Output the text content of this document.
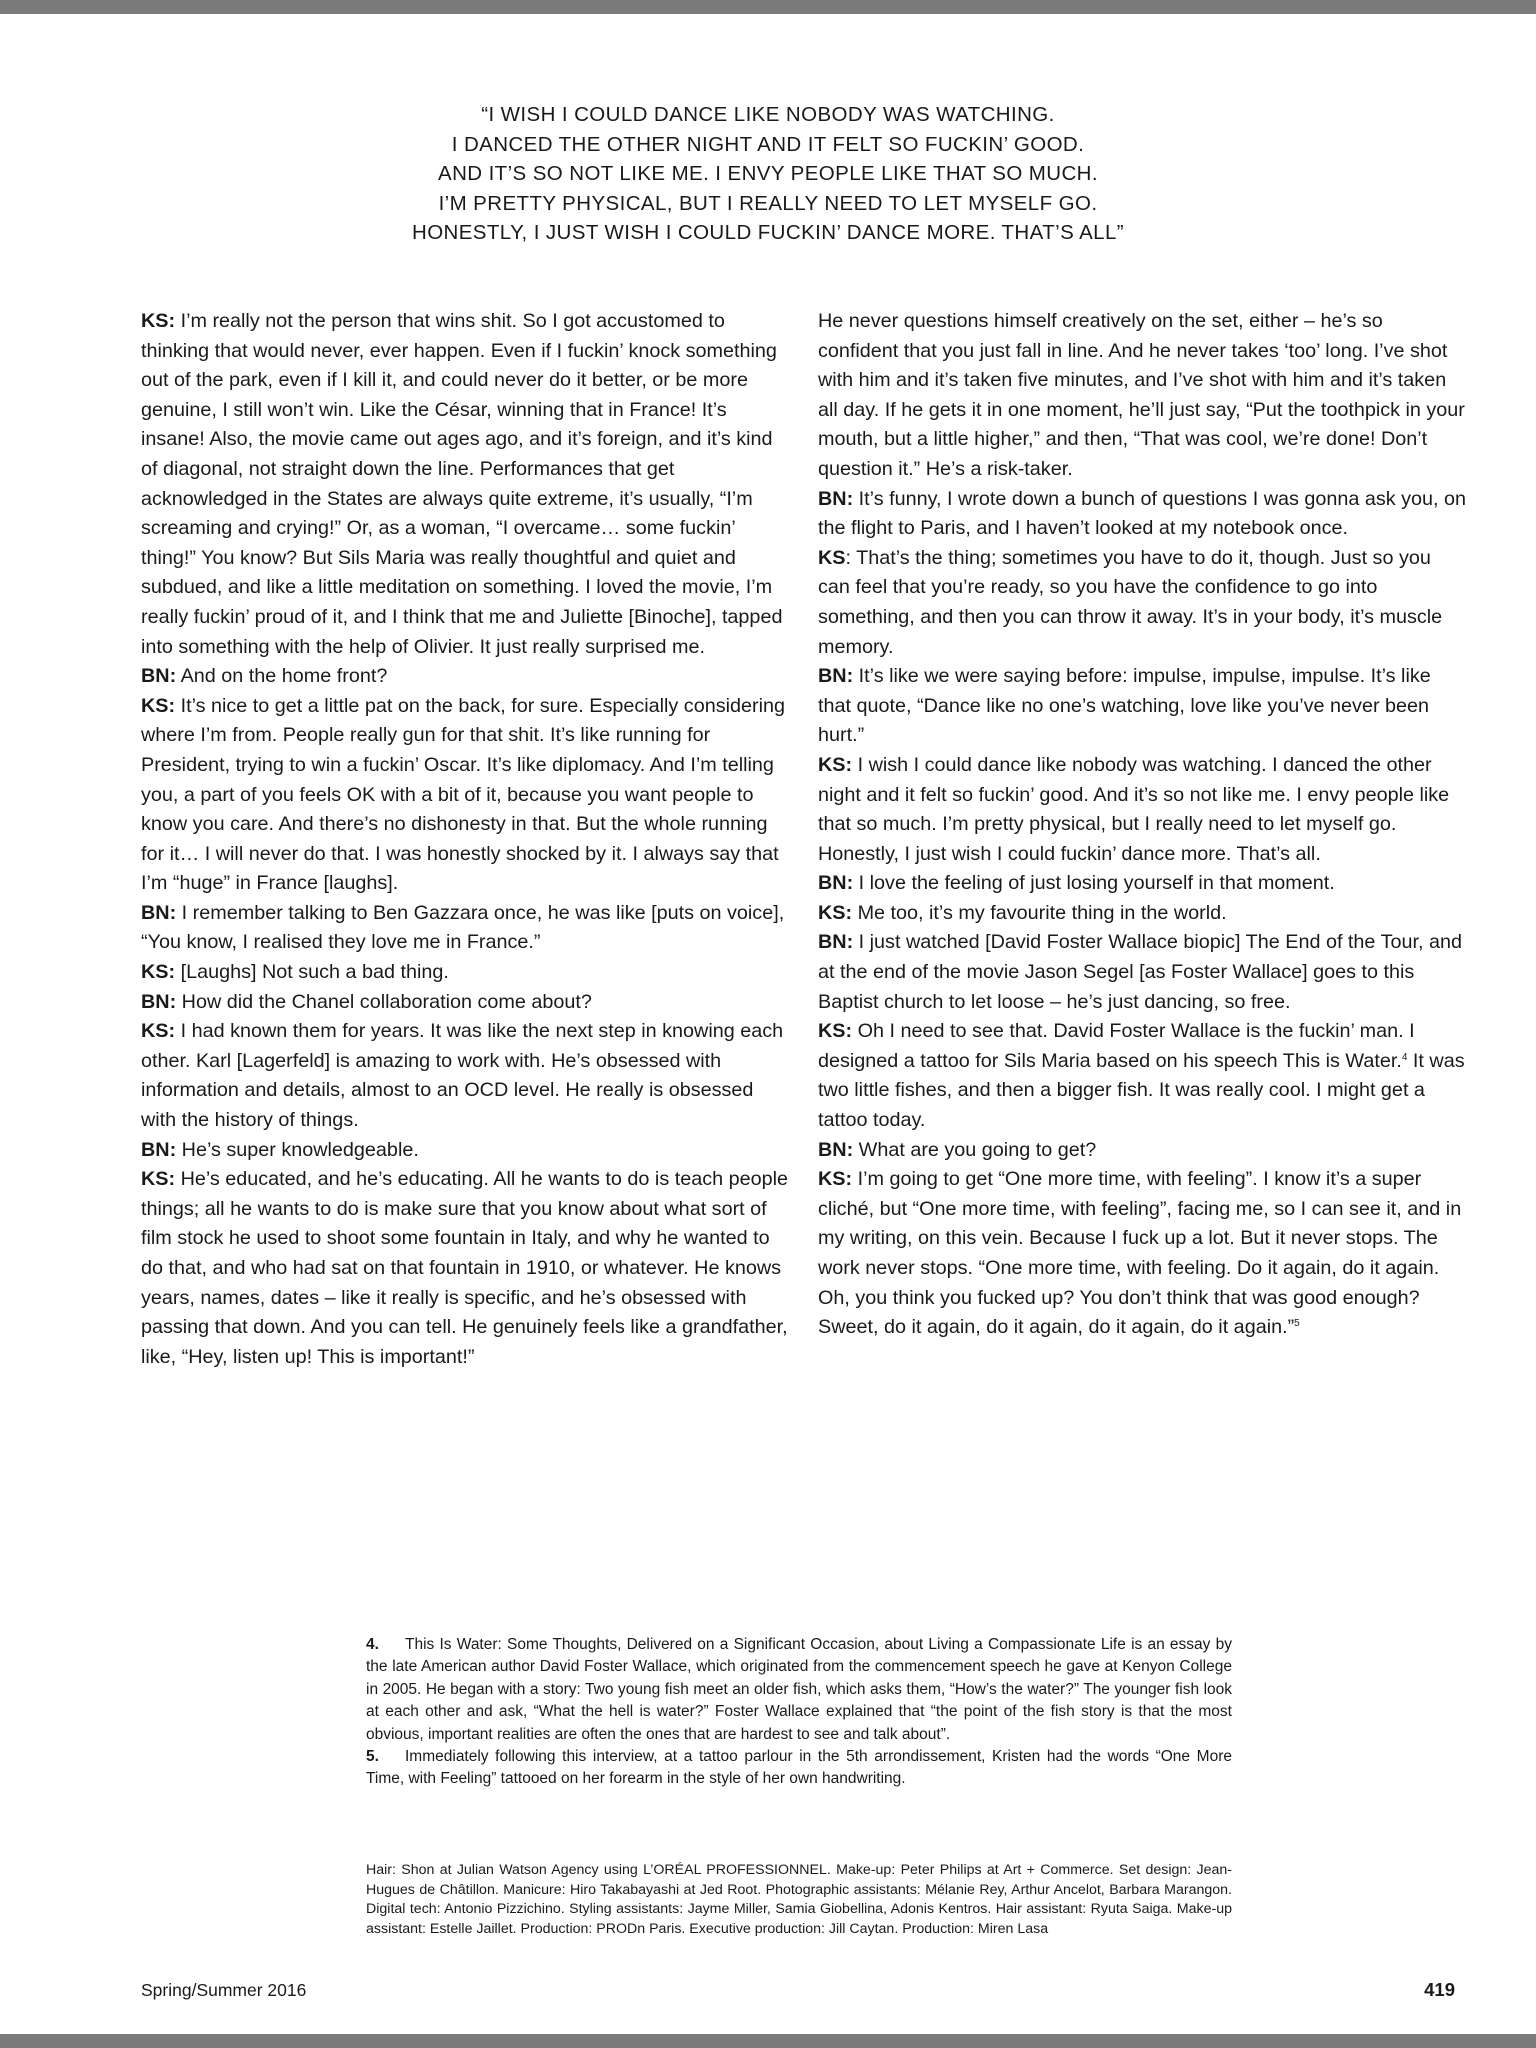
“I WISH I COULD DANCE LIKE NOBODY WAS WATCHING.
I DANCED THE OTHER NIGHT AND IT FELT SO FUCKIN’ GOOD.
AND IT’S SO NOT LIKE ME. I ENVY PEOPLE LIKE THAT SO MUCH.
I’M PRETTY PHYSICAL, BUT I REALLY NEED TO LET MYSELF GO.
HONESTLY, I JUST WISH I COULD FUCKIN’ DANCE MORE. THAT’S ALL”

KS: I’m really not the person that wins shit. So I got accustomed to thinking that would never, ever happen. Even if I fuckin’ knock something out of the park, even if I kill it, and could never do it better, or be more genuine, I still won’t win. Like the César, winning that in France! It’s insane! Also, the movie came out ages ago, and it’s foreign, and it’s kind of diagonal, not straight down the line. Performances that get acknowledged in the States are always quite extreme, it’s usually, “I’m screaming and crying!” Or, as a woman, “I overcame… some fuckin’ thing!” You know? But Sils Maria was really thoughtful and quiet and subdued, and like a little meditation on something. I loved the movie, I’m really fuckin’ proud of it, and I think that me and Juliette [Binoche], tapped into something with the help of Olivier. It just really surprised me.

BN: And on the home front?

KS: It’s nice to get a little pat on the back, for sure. Especially considering where I’m from. People really gun for that shit. It’s like running for President, trying to win a fuckin’ Oscar. It’s like diplomacy. And I’m telling you, a part of you feels OK with a bit of it, because you want people to know you care. And there’s no dishonesty in that. But the whole running for it… I will never do that. I was honestly shocked by it. I always say that I’m “huge” in France [laughs].

BN: I remember talking to Ben Gazzara once, he was like [puts on voice], “You know, I realised they love me in France.”

KS: [Laughs] Not such a bad thing.

BN: How did the Chanel collaboration come about?

KS: I had known them for years. It was like the next step in knowing each other. Karl [Lagerfeld] is amazing to work with. He’s obsessed with information and details, almost to an OCD level. He really is obsessed with the history of things.

BN: He’s super knowledgeable.

KS: He’s educated, and he’s educating. All he wants to do is teach people things; all he wants to do is make sure that you know about what sort of film stock he used to shoot some fountain in Italy, and why he wanted to do that, and who had sat on that fountain in 1910, or whatever. He knows years, names, dates – like it really is specific, and he’s obsessed with passing that down. And you can tell. He genuinely feels like a grandfather, like, “Hey, listen up! This is important!”

He never questions himself creatively on the set, either – he’s so confident that you just fall in line. And he never takes ‘too’ long. I’ve shot with him and it’s taken five minutes, and I’ve shot with him and it’s taken all day. If he gets it in one moment, he’ll just say, “Put the toothpick in your mouth, but a little higher,” and then, “That was cool, we’re done! Don’t question it.” He’s a risk-taker.

BN: It’s funny, I wrote down a bunch of questions I was gonna ask you, on the flight to Paris, and I haven’t looked at my notebook once.

KS: That’s the thing; sometimes you have to do it, though. Just so you can feel that you’re ready, so you have the confidence to go into something, and then you can throw it away. It’s in your body, it’s muscle memory.

BN: It’s like we were saying before: impulse, impulse, impulse. It’s like that quote, “Dance like no one’s watching, love like you’ve never been hurt.”

KS: I wish I could dance like nobody was watching. I danced the other night and it felt so fuckin’ good. And it’s so not like me. I envy people like that so much. I’m pretty physical, but I really need to let myself go. Honestly, I just wish I could fuckin’ dance more. That’s all.

BN: I love the feeling of just losing yourself in that moment.

KS: Me too, it’s my favourite thing in the world.

BN: I just watched [David Foster Wallace biopic] The End of the Tour, and at the end of the movie Jason Segel [as Foster Wallace] goes to this Baptist church to let loose – he’s just dancing, so free.

KS: Oh I need to see that. David Foster Wallace is the fuckin’ man. I designed a tattoo for Sils Maria based on his speech This is Water.$^4$ It was two little fishes, and then a bigger fish. It was really cool. I might get a tattoo today.

BN: What are you going to get?

KS: I’m going to get “One more time, with feeling”. I know it’s a super cliché, but “One more time, with feeling”, facing me, so I can see it, and in my writing, on this vein. Because I fuck up a lot. But it never stops. The work never stops. “One more time, with feeling. Do it again, do it again. Oh, you think you fucked up? You don’t think that was good enough? Sweet, do it again, do it again, do it again, do it again.”$^5$

4. This Is Water: Some Thoughts, Delivered on a Significant Occasion, about Living a Compassionate Life is an essay by the late American author David Foster Wallace, which originated from the commencement speech he gave at Kenyon College in 2005. He began with a story: Two young fish meet an older fish, which asks them, “How’s the water?” The younger fish look at each other and ask, “What the hell is water?” Foster Wallace explained that “the point of the fish story is that the most obvious, important realities are often the ones that are hardest to see and talk about”.

5. Immediately following this interview, at a tattoo parlour in the 5th arrondissement, Kristen had the words “One More Time, with Feeling” tattooed on her forearm in the style of her own handwriting.

Hair: Shon at Julian Watson Agency using L’ORÉAL PROFESSIONNEL. Make-up: Peter Philips at Art + Commerce. Set design: Jean-Hugues de Châtillon. Manicure: Hiro Takabayashi at Jed Root. Photographic assistants: Mélanie Rey, Arthur Ancelot, Barbara Marangon. Digital tech: Antonio Pizzichino. Styling assistants: Jayme Miller, Samia Giobellina, Adonis Kentros. Hair assistant: Ryuta Saiga. Make-up assistant: Estelle Jaillet. Production: PRODn Paris. Executive production: Jill Caytan. Production: Miren Lasa
Spring/Summer 2016	419
